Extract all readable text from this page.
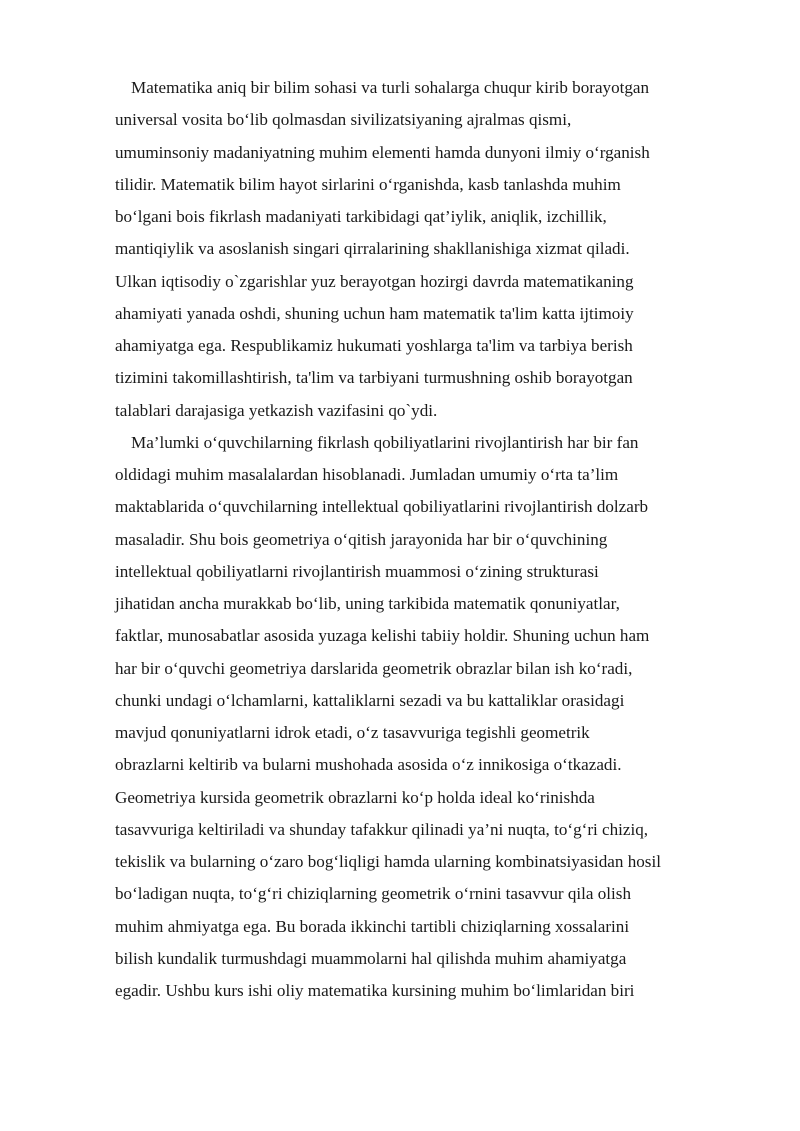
Matematika aniq bir bilim sohasi va turli sohalarga chuqur kirib borayotgan
universal vosita bo‘lib qolmasdan sivilizatsiyaning ajralmas qismi,
umuminsoniy madaniyatning muhim elementi hamda dunyoni ilmiy o‘rganish
tilidir. Matematik bilim hayot sirlarini o‘rganishda, kasb tanlashda muhim
bo‘lgani bois fikrlash madaniyati tarkibidagi qat’iylik, aniqlik, izchillik,
mantiqiylik va asoslanish singari qirralarining shakllanishiga xizmat qiladi.
Ulkan iqtisodiy o`zgarishlar yuz berayotgan hozirgi davrda matematikaning
ahamiyati yanada oshdi, shuning uchun ham matematik ta'lim katta ijtimoiy
ahamiyatga ega. Respublikamiz hukumati yoshlarga ta'lim va tarbiya berish
tizimini takomillashtirish, ta'lim va tarbiyani turmushning oshib borayotgan
talablari darajasiga yetkazish vazifasini qo`ydi.
Ma’lumki o‘quvchilarning fikrlash qobiliyatlarini rivojlantirish har bir fan
oldidagi muhim masalalardan hisoblanadi. Jumladan umumiy o‘rta ta’lim
maktablarida o‘quvchilarning intellektual qobiliyatlarini rivojlantirish dolzarb
masaladir. Shu bois geometriya o‘qitish jarayonida har bir o‘quvchining
intellektual qobiliyatlarni rivojlantirish muammosi o‘zining strukturasi
jihatidan ancha murakkab bo‘lib, uning tarkibida matematik qonuniyatlar,
faktlar, munosabatlar asosida yuzaga kelishi tabiiy holdir. Shuning uchun ham
har bir o‘quvchi geometriya darslarida geometrik obrazlar bilan ish ko‘radi,
chunki undagi o‘lchamlarni, kattaliklarni sezadi va bu kattaliklar orasidagi
mavjud qonuniyatlarni idrok etadi, o‘z tasavvuriga tegishli geometrik
obrazlarni keltirib va bularni mushohada asosida o‘z innikosiga o‘tkazadi.
Geometriya kursida geometrik obrazlarni ko‘p holda ideal ko‘rinishda
tasavvuriga keltiriladi va shunday tafakkur qilinadi ya’ni nuqta, to‘g‘ri chiziq,
tekislik va bularning o‘zaro bog‘liqligi hamda ularning kombinatsiyasidan hosil
bo‘ladigan nuqta, to‘g‘ri chiziqlarning geometrik o‘rnini tasavvur qila olish
muhim ahmiyatga ega. Bu borada ikkinchi tartibli chiziqlarning xossalarini
bilish kundalik turmushdagi muammolarni hal qilishda muhim ahamiyatga
egadir. Ushbu kurs ishi oliy matematika kursining muhim bo‘limlaridan biri
